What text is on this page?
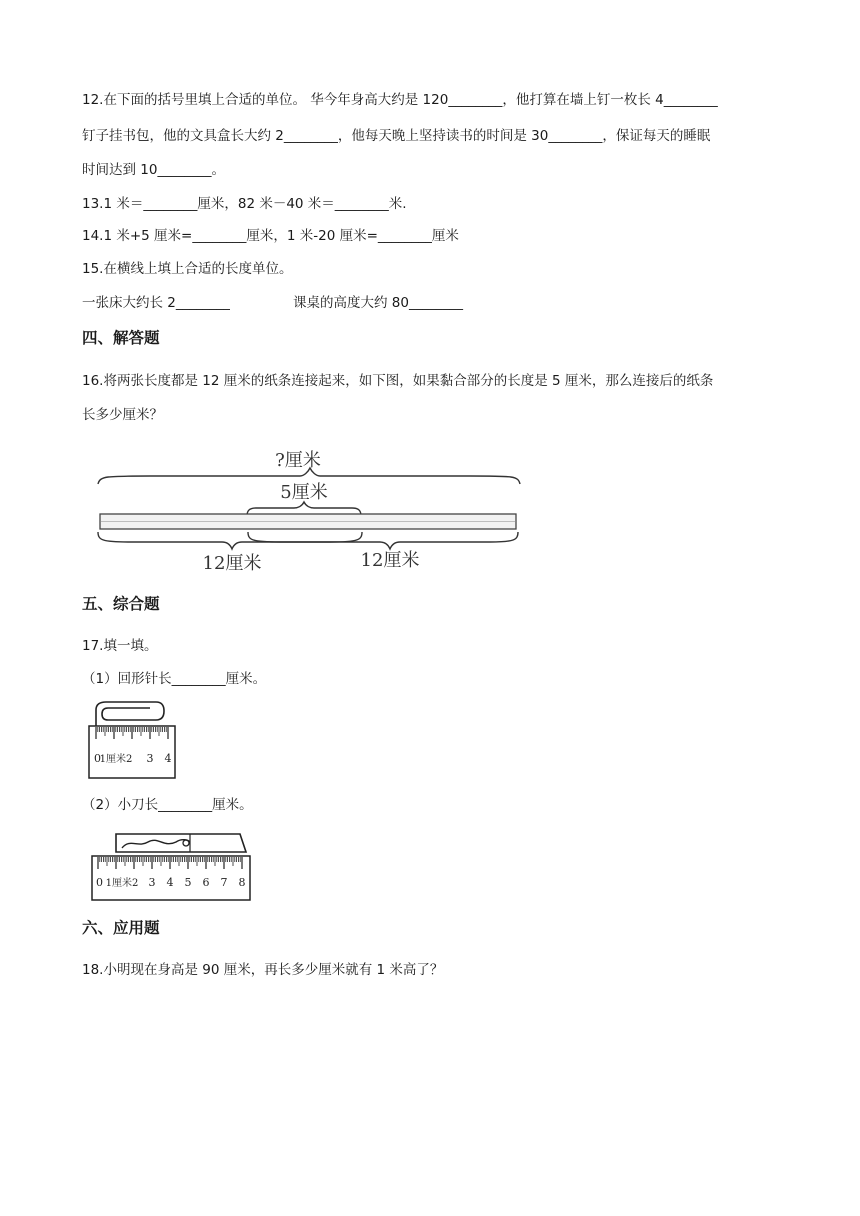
12.在下面的括号里填上合适的单位。 华今年身高大约是 120________，他打算在墙上钉一枚长 4________
钉子挂书包，他的文具盒长大约 2________，他每天晚上坚持读书的时间是 30________，保证每天的睡眠
时间达到 10________。
13.1 米＝________厘米，82 米－40 米＝________米.
14.1 米+5 厘米=________厘米，1 米-20 厘米=________厘米
15.在横线上填上合适的长度单位。
一张床大约长 2________	课桌的高度大约 80________
四、解答题
16.将两张长度都是 12 厘米的纸条连接起来，如下图，如果黏合部分的长度是 5 厘米，那么连接后的纸条
长多少厘米？
?厘米
5厘米
12厘米	12厘米
五、综合题
17.填一填。
（1）回形针长________厘米。
0
1厘米2 3 4
（2）小刀长________厘米。
0 1厘米2 3 4 5 6 7 8
六、应用题
18.小明现在身高是 90 厘米，再长多少厘米就有 1 米高了？
